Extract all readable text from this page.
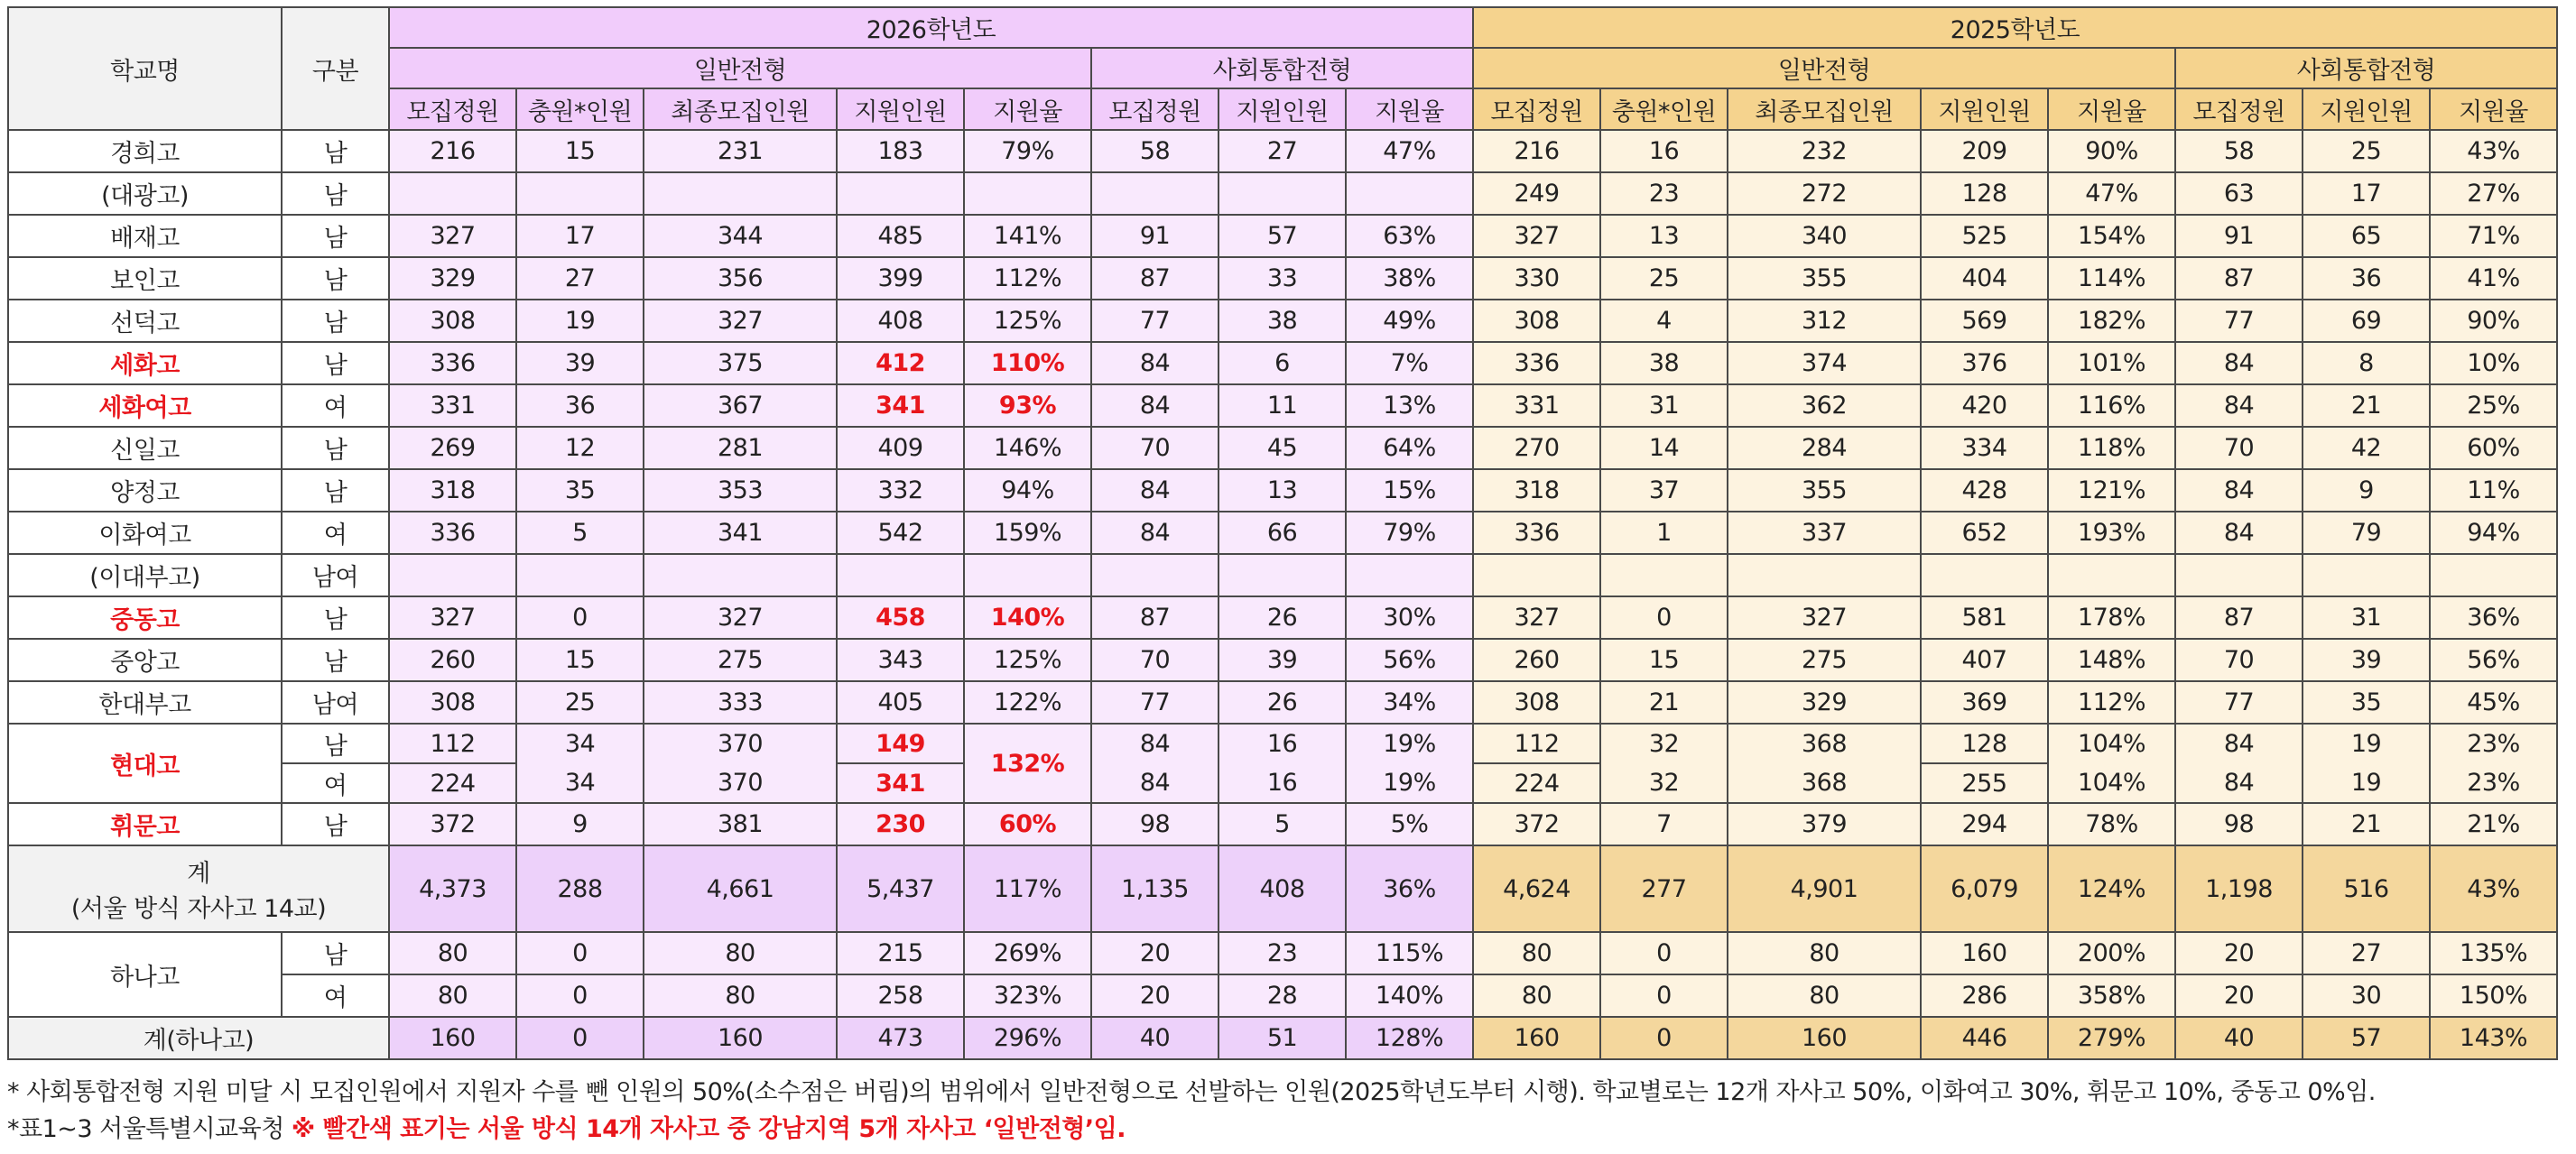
학교명	구분	2026학년도								2025학년도							
		일반전형					사회통합전형			일반전형					사회통합전형		
		모집정원	충원*인원	최종모집인원	지원인원	지원율	모집정원	지원인원	지원율	모집정원	충원*인원	최종모집인원	지원인원	지원율	모집정원	지원인원	지원율
경희고	남	216	15	231	183	79%	58	27	47%	216	16	232	209	90%	58	25	43%
(대광고)	남									249	23	272	128	47%	63	17	27%
배재고	남	327	17	344	485	141%	91	57	63%	327	13	340	525	154%	91	65	71%
보인고	남	329	27	356	399	112%	87	33	38%	330	25	355	404	114%	87	36	41%
선덕고	남	308	19	327	408	125%	77	38	49%	308	4	312	569	182%	77	69	90%
세화고	남	336	39	375	412	110%	84	6	7%	336	38	374	376	101%	84	8	10%
세화여고	여	331	36	367	341	93%	84	11	13%	331	31	362	420	116%	84	21	25%
신일고	남	269	12	281	409	146%	70	45	64%	270	14	284	334	118%	70	42	60%
양정고	남	318	35	353	332	94%	84	13	15%	318	37	355	428	121%	84	9	11%
이화여고	여	336	5	341	542	159%	84	66	79%	336	1	337	652	193%	84	79	94%
(이대부고)	남여																
중동고	남	327	0	327	458	140%	87	26	30%	327	0	327	581	178%	87	31	36%
중앙고	남	260	15	275	343	125%	70	39	56%	260	15	275	407	148%	70	39	56%
한대부고	남여	308	25	333	405	122%	77	26	34%	308	21	329	369	112%	77	35	45%
현대고	남	112	34	370	149	132%	84	16	19%	112	32	368	128	104%	84	19	23%
	여	224	34	370	341		84	16	19%	224	32	368	255	104%	84	19	23%
휘문고	남	372	9	381	230	60%	98	5	5%	372	7	379	294	78%	98	21	21%

계
(서울 방식 자사고 14교)		4,373	288	4,661	5,437	117%	1,135	408	36%	4,624	277	4,901	6,079	124%	1,198	516	43%
하나고	남	80	0	80	215	269%	20	23	115%	80	0	80	160	200%	20	27	135%
	여	80	0	80	258	323%	20	28	140%	80	0	80	286	358%	20	30	150%
계(하나고)		160	0	160	473	296%	40	51	128%	160	0	160	446	279%	40	57	143%
* 사회통합전형 지원 미달 시 모집인원에서 지원자 수를 뺀 인원의 50%(소수점은 버림)의 범위에서 일반전형으로 선발하는 인원(2025학년도부터 시행). 학교별로는 12개 자사고 50%, 이화여고 30%, 휘문고 10%, 중동고 0%임.
*표1~3 서울특별시교육청 ※ 빨간색 표기는 서울 방식 14개 자사고 중 강남지역 5개 자사고 ‘일반전형’임.
